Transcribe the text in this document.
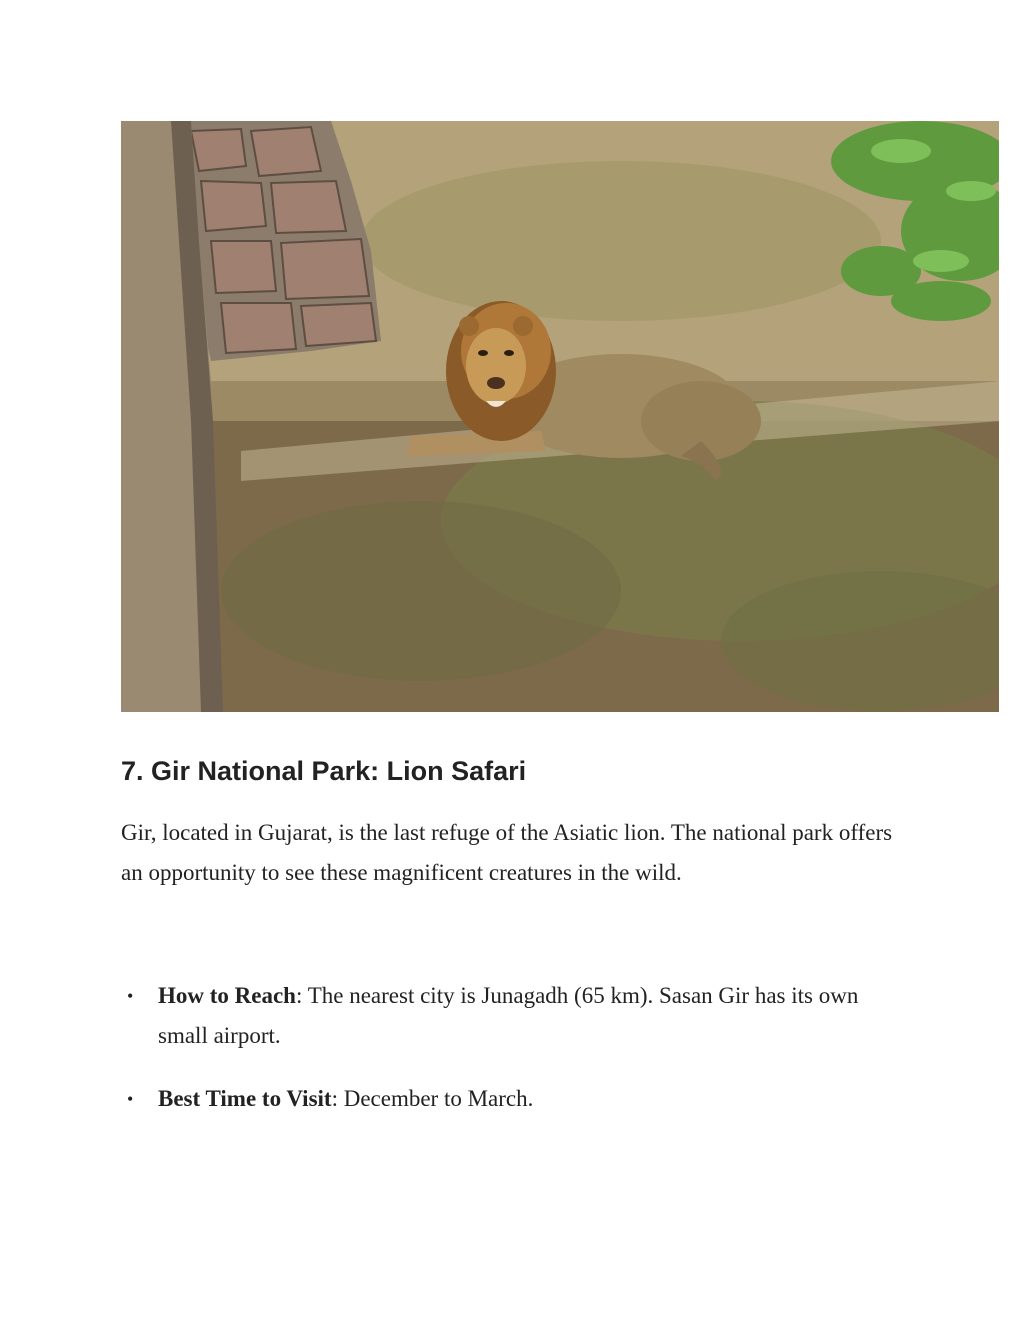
7. Gir National Park: Lion Safari

Gir, located in Gujarat, is the last refuge of the Asiatic lion. The national park offers an opportunity to see these magnificent creatures in the wild.

• How to Reach: The nearest city is Junagadh (65 km). Sasan Gir has its own small airport.
• Best Time to Visit: December to March.
